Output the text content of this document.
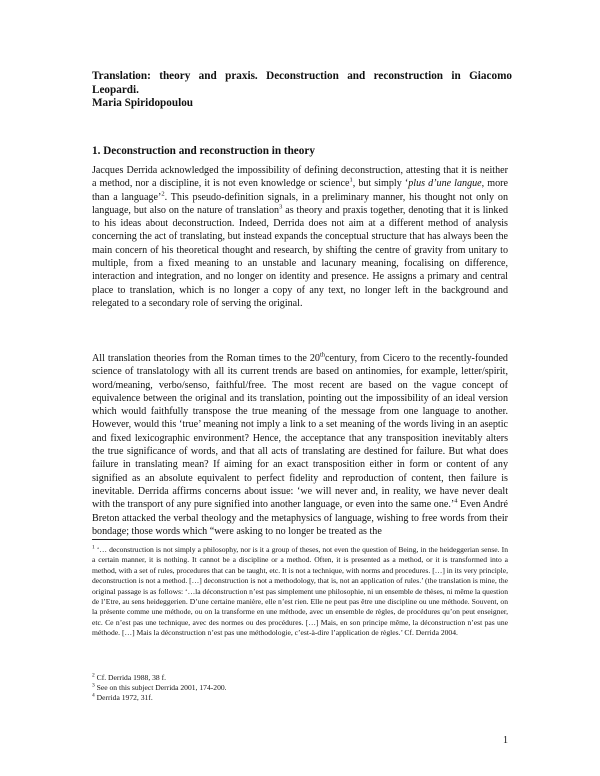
Translation: theory and praxis. Deconstruction and reconstruction in Giacomo Leopardi.

Maria Spiridopoulou

1. Deconstruction and reconstruction in theory

Jacques Derrida acknowledged the impossibility of defining deconstruction, attesting that it is neither a method, nor a discipline, it is not even knowledge or science$^1$, but simply ‘plus d’une langue, more than a language’$^2$. This pseudo-definition signals, in a preliminary manner, his thought not only on language, but also on the nature of translation$^3$ as theory and praxis together, denoting that it is linked to his ideas about deconstruction. Indeed, Derrida does not aim at a different method of analysis concerning the act of translating, but instead expands the conceptual structure that has always been the main concern of his theoretical thought and research, by shifting the centre of gravity from unitary to multiple, from a fixed meaning to an unstable and lacunary meaning, focalising on difference, interaction and integration, and no longer on identity and presence. He assigns a primary and central place to translation, which is no longer a copy of any text, no longer left in the background and relegated to a secondary role of serving the original.

All translation theories from the Roman times to the 20thcentury, from Cicero to the recently-founded science of translatology with all its current trends are based on antinomies, for example, letter/spirit, word/meaning, verbo/senso, faithful/free. The most recent are based on the vague concept of equivalence between the original and its translation, pointing out the impossibility of an ideal version which would faithfully transpose the true meaning of the message from one language to another. However, would this ‘true’ meaning not imply a link to a set meaning of the words living in an aseptic and fixed lexicographic environment? Hence, the acceptance that any transposition inevitably alters the true significance of words, and that all acts of translating are destined for failure. But what does failure in translating mean? If aiming for an exact transposition either in form or content of any signified as an absolute equivalent to perfect fidelity and reproduction of content, then failure is inevitable. Derrida affirms concerns about issue: ‘we will never and, in reality, we have never dealt with the transport of any pure signified into another language, or even into the same one.’$^4$ Even André Breton attacked the verbal theology and the metaphysics of language, wishing to free words from their bondage; those words which “were asking to no longer be treated as the

$^1$ ‘… deconstruction is not simply a philosophy, nor is it a group of theses, not even the question of Being, in the heideggerian sense. In a certain manner, it is nothing. It cannot be a discipline or a method. Often, it is presented as a method, or it is transformed into a method, with a set of rules, procedures that can be taught, etc. It is not a technique, with norms and procedures. […] in its very principle, deconstruction is not a method. […] deconstruction is not a methodology, that is, not an application of rules.’ (the translation is mine, the original passage is as follows: ‘…la déconstruction n’est pas simplement une philosophie, ni un ensemble de thèses, ni même la question de l’Etre, au sens heideggerien. D’une certaine manière, elle n’est rien. Elle ne peut pas être une discipline ou une méthode. Souvent, on la présente comme une méthode, ou on la transforme en une méthode, avec un ensemble de règles, de procédures qu’on peut enseigner, etc. Ce n’est pas une technique, avec des normes ou des procédures. […] Mais, en son principe même, la déconstruction n’est pas une méthode. […] Mais la déconstruction n’est pas une méthodologie, c’est-à-dire l’application de règles.’ Cf. Derrida 2004.

$^2$ Cf. Derrida 1988, 38 f.

$^3$ See on this subject Derrida 2001, 174-200.

$^4$ Derrida 1972, 31f.

1
